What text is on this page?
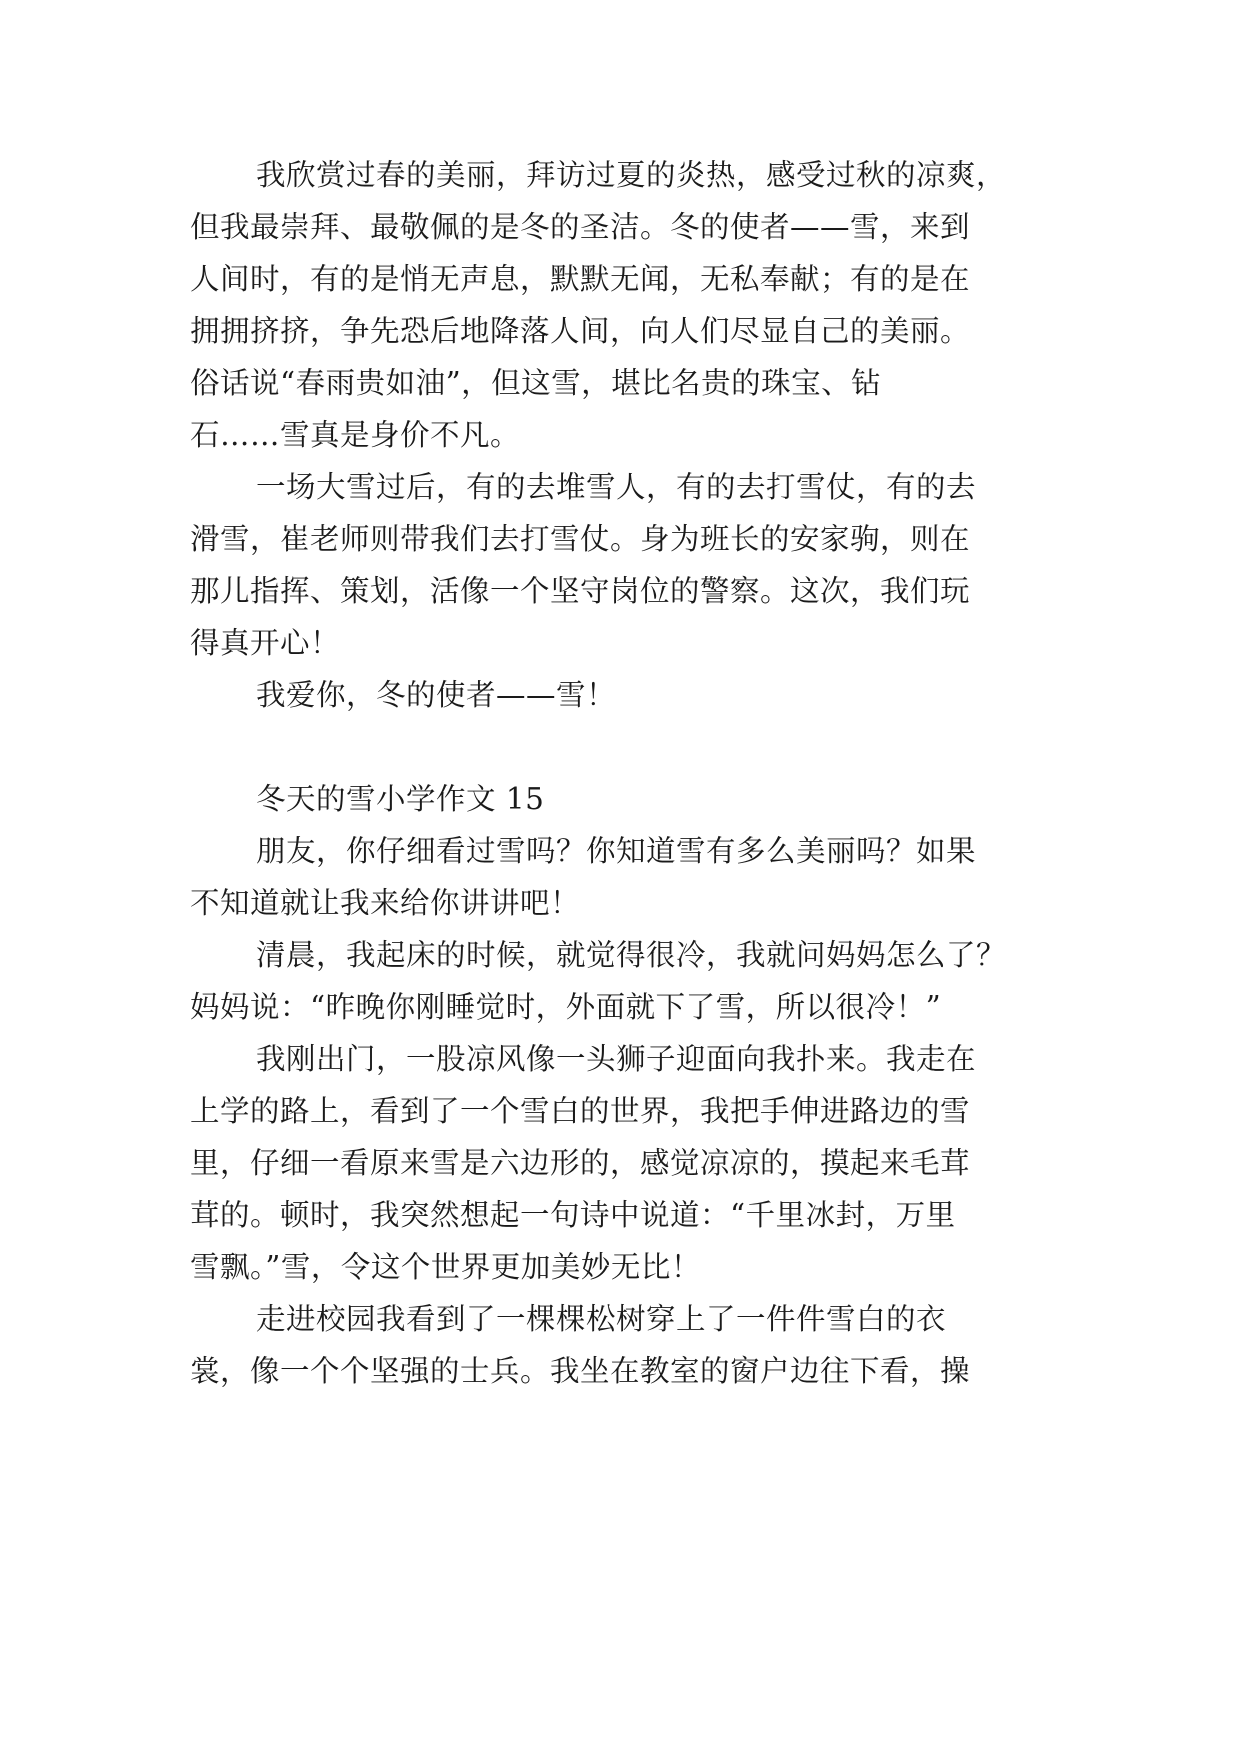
我欣赏过春的美丽，拜访过夏的炎热，感受过秋的凉爽，
但我最崇拜、最敬佩的是冬的圣洁。冬的使者——雪，来到
人间时，有的是悄无声息，默默无闻，无私奉献；有的是在
拥拥挤挤，争先恐后地降落人间，向人们尽显自己的美丽。
俗话说“春雨贵如油”，但这雪，堪比名贵的珠宝、钻
石……雪真是身价不凡。
一场大雪过后，有的去堆雪人，有的去打雪仗，有的去
滑雪，崔老师则带我们去打雪仗。身为班长的安家驹，则在
那儿指挥、策划，活像一个坚守岗位的警察。这次，我们玩
得真开心！
我爱你，冬的使者——雪！
冬天的雪小学作文 15
朋友，你仔细看过雪吗？你知道雪有多么美丽吗？如果
不知道就让我来给你讲讲吧！
清晨，我起床的时候，就觉得很冷，我就问妈妈怎么了？
妈妈说：“昨晚你刚睡觉时，外面就下了雪，所以很冷！”
我刚出门，一股凉风像一头狮子迎面向我扑来。我走在
上学的路上，看到了一个雪白的世界，我把手伸进路边的雪
里，仔细一看原来雪是六边形的，感觉凉凉的，摸起来毛茸
茸的。顿时，我突然想起一句诗中说道：“千里冰封，万里
雪飘。”雪，令这个世界更加美妙无比！
走进校园我看到了一棵棵松树穿上了一件件雪白的衣
裳，像一个个坚强的士兵。我坐在教室的窗户边往下看，操
